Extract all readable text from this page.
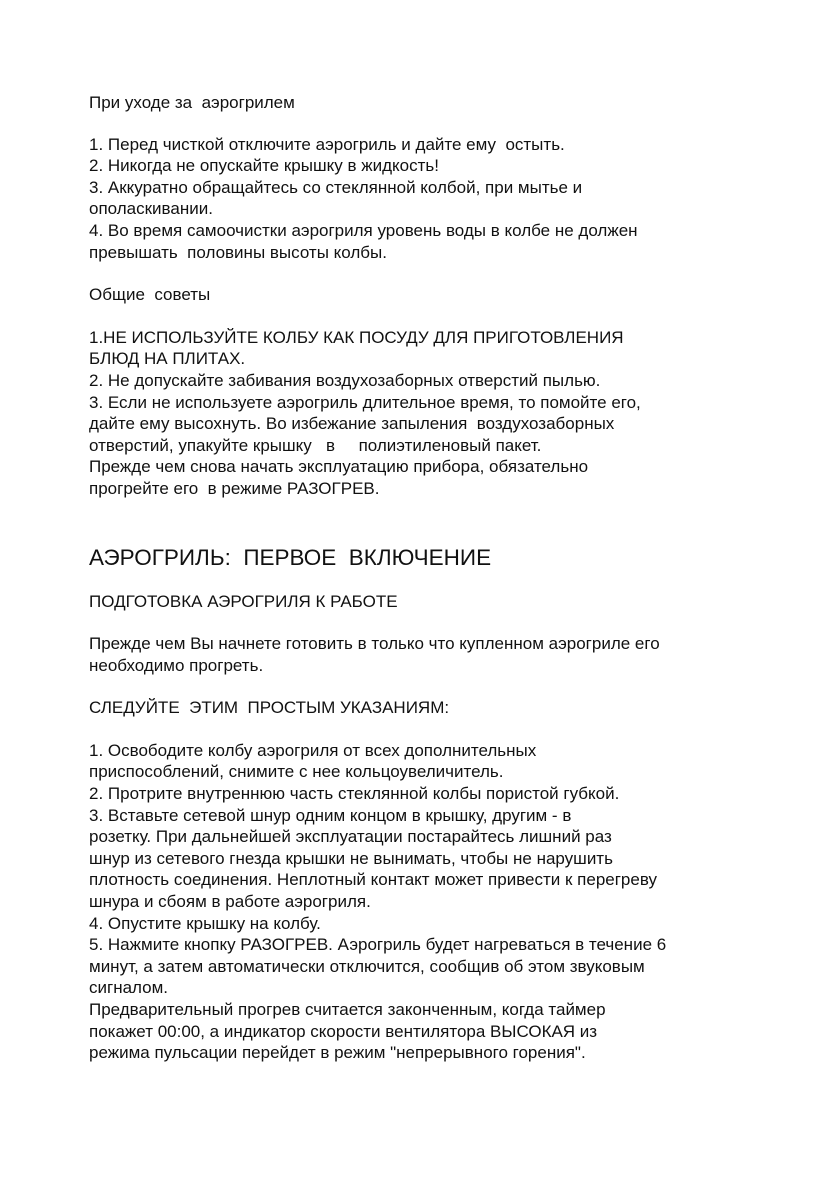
При уходе за  аэрогрилем
1. Перед чисткой отключите аэрогриль и дайте ему  остыть.
2. Никогда не опускайте крышку в жидкость!
3. Аккуратно обращайтесь со стеклянной колбой, при мытье и
ополаскивании.
4. Во время самоочистки аэрогриля уровень воды в колбе не должен
превышать  половины высоты колбы.
Общие  советы
1.НЕ ИСПОЛЬЗУЙТЕ КОЛБУ КАК ПОСУДУ ДЛЯ ПРИГОТОВЛЕНИЯ
БЛЮД НА ПЛИТАХ.
2. Не допускайте забивания воздухозаборных отверстий пылью.
3. Если не используете аэрогриль длительное время, то помойте его,
дайте ему высохнуть. Во избежание запыления  воздухозаборных
отверстий, упакуйте крышку   в     полиэтиленовый пакет.
Прежде чем снова начать эксплуатацию прибора, обязательно
прогрейте его  в режиме РАЗОГРЕВ.
АЭРОГРИЛЬ:  ПЕРВОЕ  ВКЛЮЧЕНИЕ
ПОДГОТОВКА АЭРОГРИЛЯ К РАБОТЕ
Прежде чем Вы начнете готовить в только что купленном аэрогриле его
необходимо прогреть.
СЛЕДУЙТЕ  ЭТИМ  ПРОСТЫМ УКАЗАНИЯМ:
1. Освободите колбу аэрогриля от всех дополнительных
приспособлений, снимите с нее кольцоувеличитель.
2. Протрите внутреннюю часть стеклянной колбы пористой губкой.
3. Вставьте сетевой шнур одним концом в крышку, другим - в
розетку. При дальнейшей эксплуатации постарайтесь лишний раз
шнур из сетевого гнезда крышки не вынимать, чтобы не нарушить
плотность соединения. Неплотный контакт может привести к перегреву
шнура и сбоям в работе аэрогриля.
4. Опустите крышку на колбу.
5. Нажмите кнопку РАЗОГРЕВ. Аэрогриль будет нагреваться в течение 6
минут, а затем автоматически отключится, сообщив об этом звуковым
сигналом.
Предварительный прогрев считается законченным, когда таймер
покажет 00:00, а индикатор скорости вентилятора ВЫСОКАЯ из
режима пульсации перейдет в режим "непрерывного горения".
